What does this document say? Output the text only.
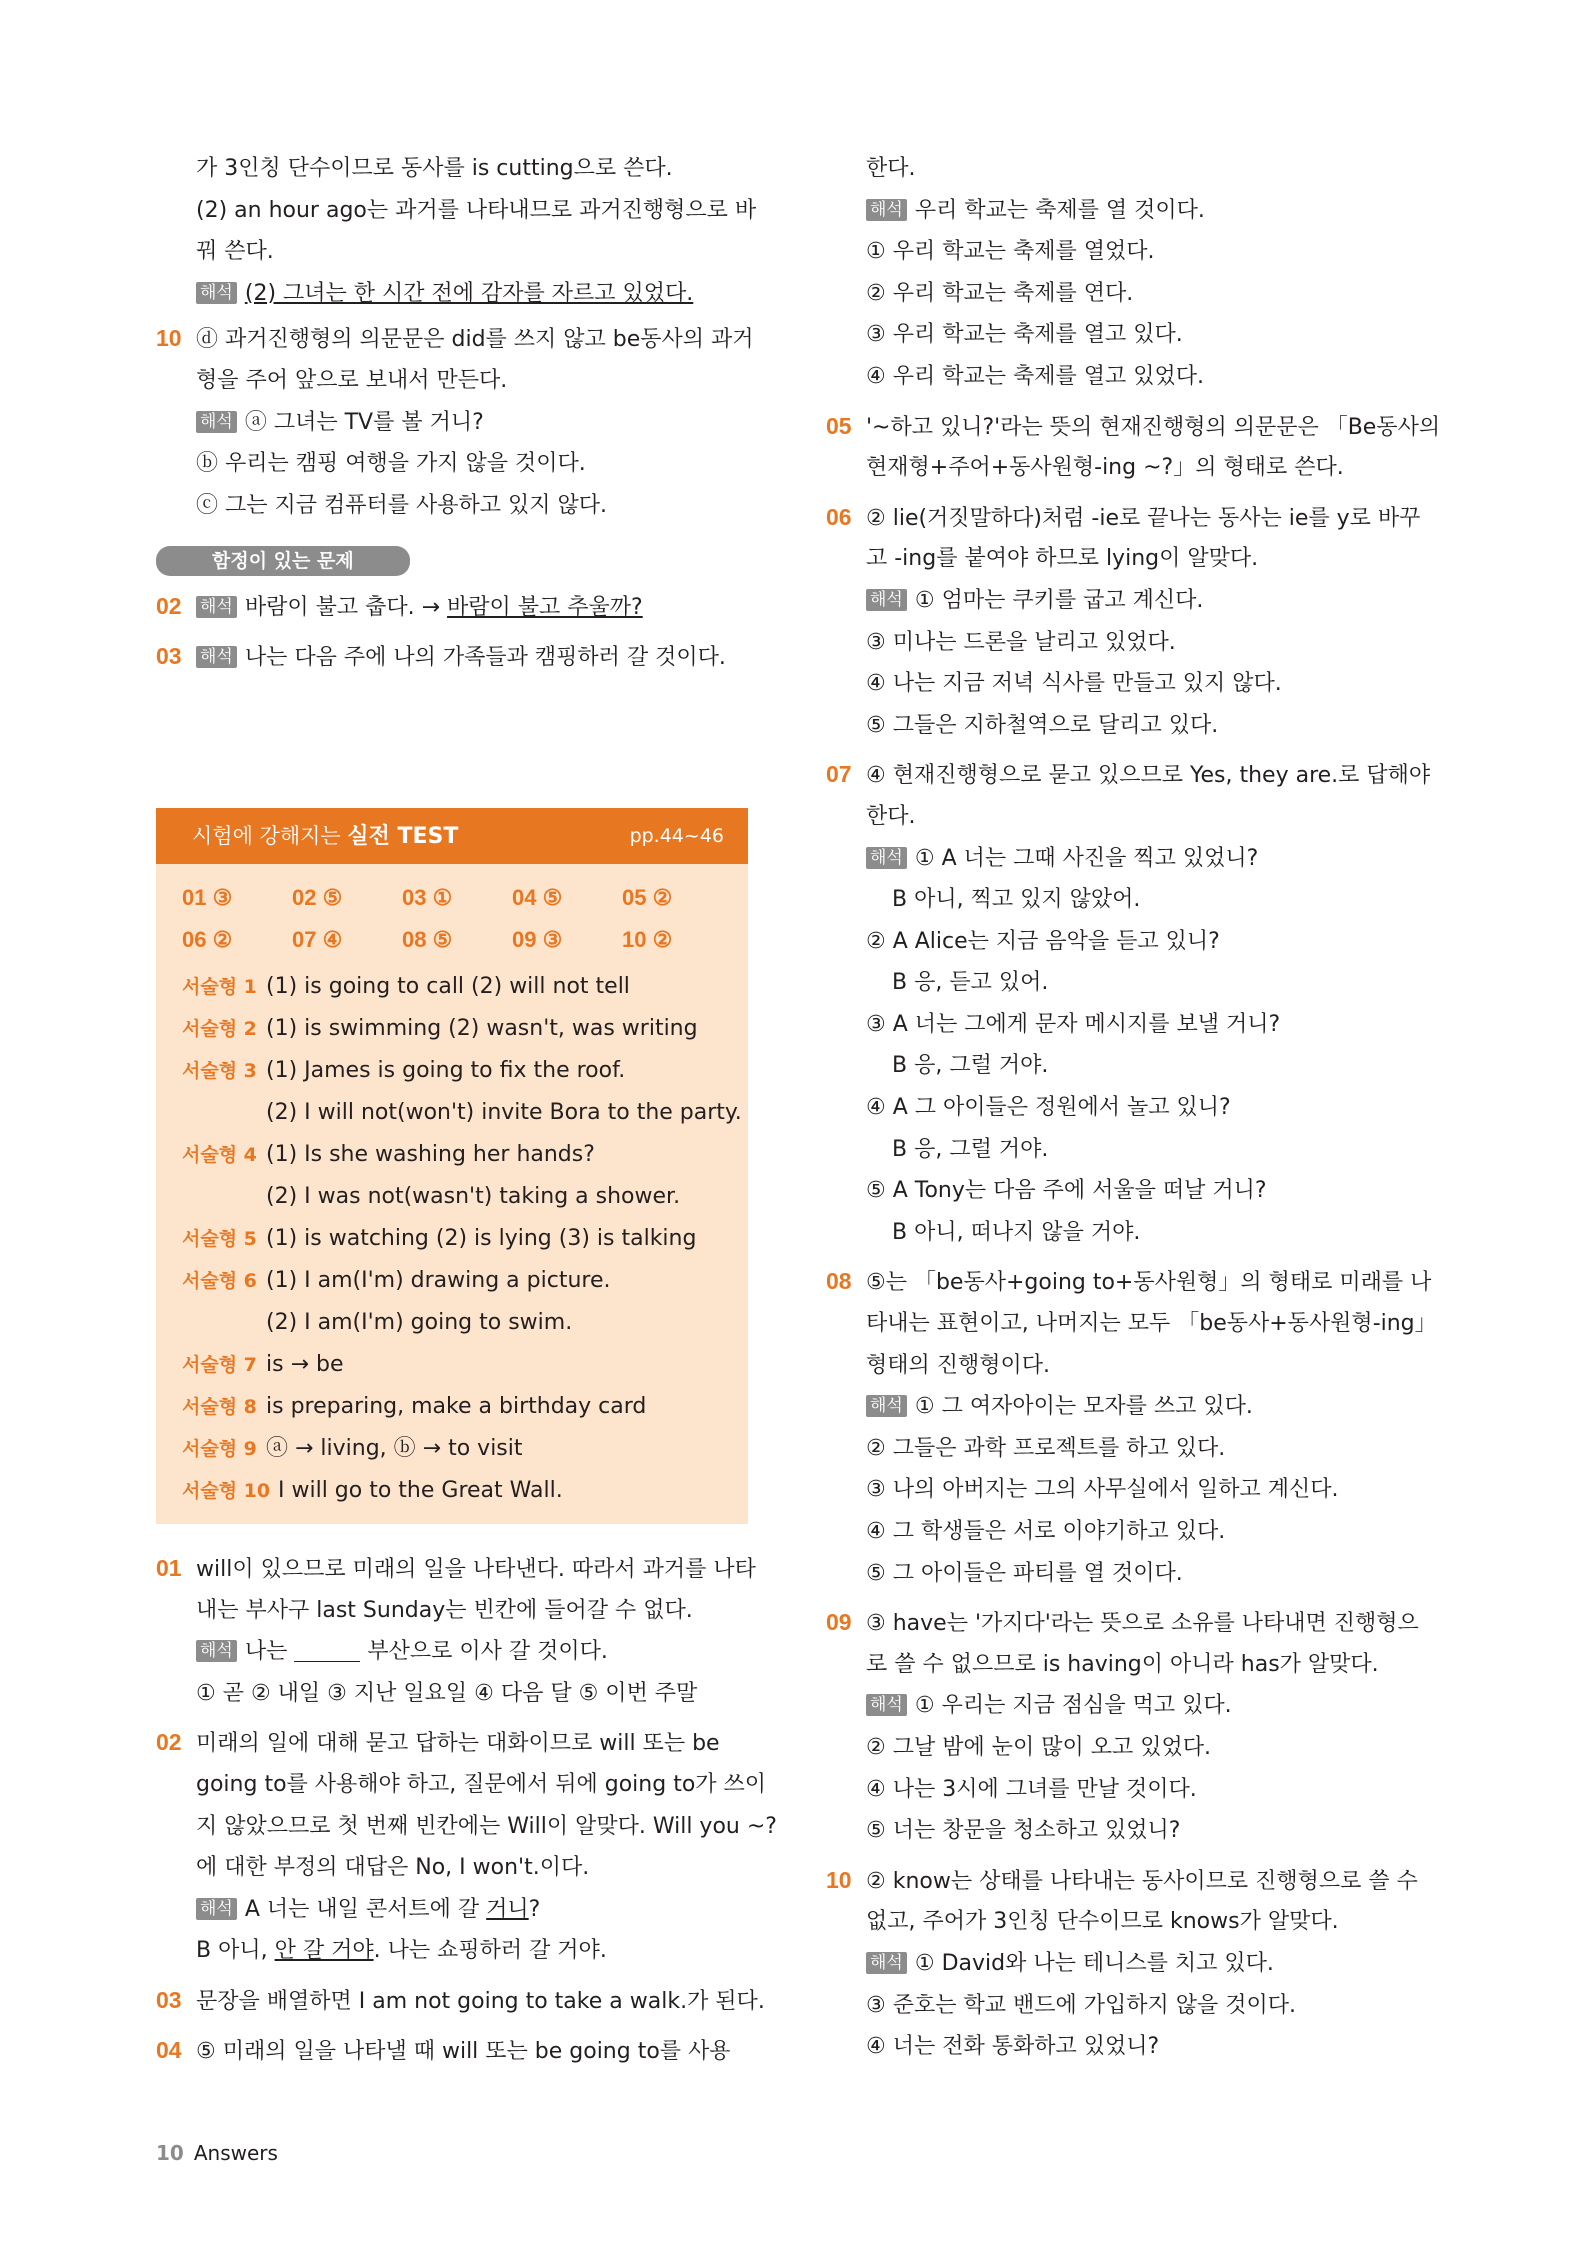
가 3인칭 단수이므로 동사를 is cutting으로 쓴다.
(2) an hour ago는 과거를 나타내므로 과거진행형으로 바
꿔 쓴다.
해석 (2) 그녀는 한 시간 전에 감자를 자르고 있었다.
10 ⓓ 과거진행형의 의문문은 did를 쓰지 않고 be동사의 과거
형을 주어 앞으로 보내서 만든다.
해석 ⓐ 그녀는 TV를 볼 거니?
ⓑ 우리는 캠핑 여행을 가지 않을 것이다.
ⓒ 그는 지금 컴퓨터를 사용하고 있지 않다.
함정이 있는 문제
02 해석 바람이 불고 춥다. → 바람이 불고 추울까?
03 해석 나는 다음 주에 나의 가족들과 캠핑하러 갈 것이다.
시험에 강해지는 실전 TEST	pp.44~46
01 ③	02 ⑤	03 ①	04 ⑤	05 ②
06 ②	07 ④	08 ⑤	09 ③	10 ②
서술형 1 (1) is going to call (2) will not tell
서술형 2 (1) is swimming (2) wasn't, was writing
서술형 3 (1) James is going to fix the roof.
(2) I will not(won't) invite Bora to the party.
서술형 4 (1) Is she washing her hands?
(2) I was not(wasn't) taking a shower.
서술형 5 (1) is watching (2) is lying (3) is talking
서술형 6 (1) I am(I'm) drawing a picture.
(2) I am(I'm) going to swim.
서술형 7 is → be
서술형 8 is preparing, make a birthday card
서술형 9 ⓐ → living, ⓑ → to visit
서술형 10 I will go to the Great Wall.
01 will이 있으므로 미래의 일을 나타낸다. 따라서 과거를 나타
내는 부사구 last Sunday는 빈칸에 들어갈 수 없다.
해석 나는	부산으로 이사 갈 것이다.
① 곧 ② 내일 ③ 지난 일요일 ④ 다음 달 ⑤ 이번 주말
02 미래의 일에 대해 묻고 답하는 대화이므로 will 또는 be
going to를 사용해야 하고, 질문에서 뒤에 going to가 쓰이
지 않았으므로 첫 번째 빈칸에는 Will이 알맞다. Will you ~?
에 대한 부정의 대답은 No, I won't.이다.
해석 A 너는 내일 콘서트에 갈 거니?
B 아니, 안 갈 거야. 나는 쇼핑하러 갈 거야.
03 문장을 배열하면 I am not going to take a walk.가 된다.
04 ⑤ 미래의 일을 나타낼 때 will 또는 be going to를 사용
한다.
해석 우리 학교는 축제를 열 것이다.
① 우리 학교는 축제를 열었다.
② 우리 학교는 축제를 연다.
③ 우리 학교는 축제를 열고 있다.
④ 우리 학교는 축제를 열고 있었다.
05 '~하고 있니?'라는 뜻의 현재진행형의 의문문은 「Be동사의
현재형+주어+동사원형-ing ~?」의 형태로 쓴다.
06 ② lie(거짓말하다)처럼 -ie로 끝나는 동사는 ie를 y로 바꾸
고 -ing를 붙여야 하므로 lying이 알맞다.
해석 ① 엄마는 쿠키를 굽고 계신다.
③ 미나는 드론을 날리고 있었다.
④ 나는 지금 저녁 식사를 만들고 있지 않다.
⑤ 그들은 지하철역으로 달리고 있다.
07 ④ 현재진행형으로 묻고 있으므로 Yes, they are.로 답해야
한다.
해석 ① A 너는 그때 사진을 찍고 있었니?
B 아니, 찍고 있지 않았어.
② A Alice는 지금 음악을 듣고 있니?
B 응, 듣고 있어.
③ A 너는 그에게 문자 메시지를 보낼 거니?
B 응, 그럴 거야.
④ A 그 아이들은 정원에서 놀고 있니?
B 응, 그럴 거야.
⑤ A Tony는 다음 주에 서울을 떠날 거니?
B 아니, 떠나지 않을 거야.
08 ⑤는 「be동사+going to+동사원형」의 형태로 미래를 나
타내는 표현이고, 나머지는 모두 「be동사+동사원형-ing」
형태의 진행형이다.
해석 ① 그 여자아이는 모자를 쓰고 있다.
② 그들은 과학 프로젝트를 하고 있다.
③ 나의 아버지는 그의 사무실에서 일하고 계신다.
④ 그 학생들은 서로 이야기하고 있다.
⑤ 그 아이들은 파티를 열 것이다.
09 ③ have는 '가지다'라는 뜻으로 소유를 나타내면 진행형으
로 쓸 수 없으므로 is having이 아니라 has가 알맞다.
해석 ① 우리는 지금 점심을 먹고 있다.
② 그날 밤에 눈이 많이 오고 있었다.
④ 나는 3시에 그녀를 만날 것이다.
⑤ 너는 창문을 청소하고 있었니?
10 ② know는 상태를 나타내는 동사이므로 진행형으로 쓸 수
없고, 주어가 3인칭 단수이므로 knows가 알맞다.
해석 ① David와 나는 테니스를 치고 있다.
③ 준호는 학교 밴드에 가입하지 않을 것이다.
④ 너는 전화 통화하고 있었니?
10 Answers
